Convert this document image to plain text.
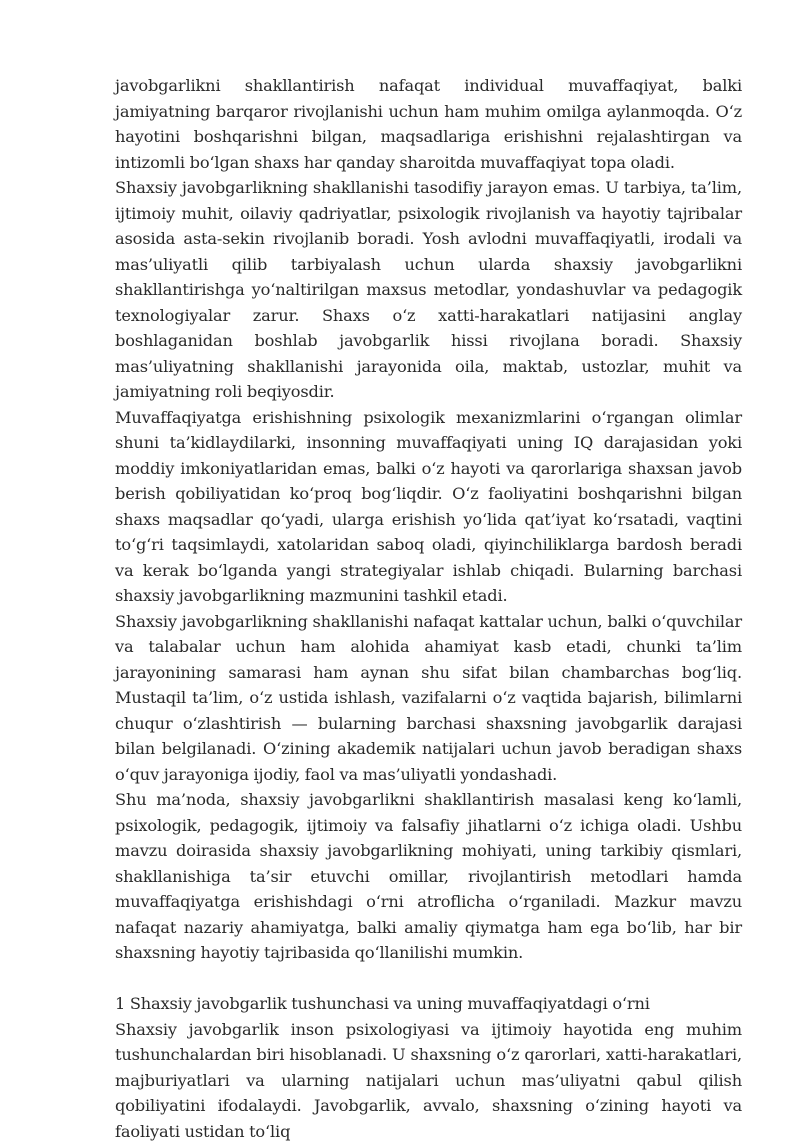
javobgarlikni shakllantirish nafaqat individual muvaffaqiyat, balki jamiyatning barqaror rivojlanishi uchun ham muhim omilga aylanmoqda. O‘z hayotini boshqarishni bilgan, maqsadlariga erishishni rejalashtirgan va intizomli bo‘lgan shaxs har qanday sharoitda muvaffaqiyat topa oladi.

Shaxsiy javobgarlikning shakllanishi tasodifiy jarayon emas. U tarbiya, ta’lim, ijtimoiy muhit, oilaviy qadriyatlar, psixologik rivojlanish va hayotiy tajribalar asosida asta-sekin rivojlanib boradi. Yosh avlodni muvaffaqiyatli, irodali va mas’uliyatli qilib tarbiyalash uchun ularda shaxsiy javobgarlikni shakllantirishga yo‘naltirilgan maxsus metodlar, yondashuvlar va pedagogik texnologiyalar zarur. Shaxs o‘z xatti-harakatlari natijasini anglay boshlaganidan boshlab javobgarlik hissi rivojlana boradi. Shaxsiy mas’uliyatning shakllanishi jarayonida oila, maktab, ustozlar, muhit va jamiyatning roli beqiyosdir.

Muvaffaqiyatga erishishning psixologik mexanizmlarini o‘rgangan olimlar shuni ta’kidlaydilarki, insonning muvaffaqiyati uning IQ darajasidan yoki moddiy imkoniyatlaridan emas, balki o‘z hayoti va qarorlariga shaxsan javob berish qobiliyatidan ko‘proq bog‘liqdir. O‘z faoliyatini boshqarishni bilgan shaxs maqsadlar qo‘yadi, ularga erishish yo‘lida qat’iyat ko‘rsatadi, vaqtini to‘g‘ri taqsimlaydi, xatolaridan saboq oladi, qiyinchiliklarga bardosh beradi va kerak bo‘lganda yangi strategiyalar ishlab chiqadi. Bularning barchasi shaxsiy javobgarlikning mazmunini tashkil etadi.

Shaxsiy javobgarlikning shakllanishi nafaqat kattalar uchun, balki o‘quvchilar va talabalar uchun ham alohida ahamiyat kasb etadi, chunki ta’lim jarayonining samarasi ham aynan shu sifat bilan chambarchas bog‘liq. Mustaqil ta’lim, o‘z ustida ishlash, vazifalarni o‘z vaqtida bajarish, bilimlarni chuqur o‘zlashtirish — bularning barchasi shaxsning javobgarlik darajasi bilan belgilanadi. O‘zining akademik natijalari uchun javob beradigan shaxs o‘quv jarayoniga ijodiy, faol va mas’uliyatli yondashadi.

Shu ma’noda, shaxsiy javobgarlikni shakllantirish masalasi keng ko‘lamli, psixologik, pedagogik, ijtimoiy va falsafiy jihatlarni o‘z ichiga oladi. Ushbu mavzu doirasida shaxsiy javobgarlikning mohiyati, uning tarkibiy qismlari, shakllanishiga ta’sir etuvchi omillar, rivojlantirish metodlari hamda muvaffaqiyatga erishishdagi o‘rni atroflicha o‘rganiladi. Mazkur mavzu nafaqat nazariy ahamiyatga, balki amaliy qiymatga ham ega bo‘lib, har bir shaxsning hayotiy tajribasida qo‘llanilishi mumkin.

1 Shaxsiy javobgarlik tushunchasi va uning muvaffaqiyatdagi o‘rni

Shaxsiy javobgarlik inson psixologiyasi va ijtimoiy hayotida eng muhim tushunchalardan biri hisoblanadi. U shaxsning o‘z qarorlari, xatti-harakatlari, majburiyatlari va ularning natijalari uchun mas’uliyatni qabul qilish qobiliyatini ifodalaydi. Javobgarlik, avvalo, shaxsning o‘zining hayoti va faoliyati ustidan to‘liq
